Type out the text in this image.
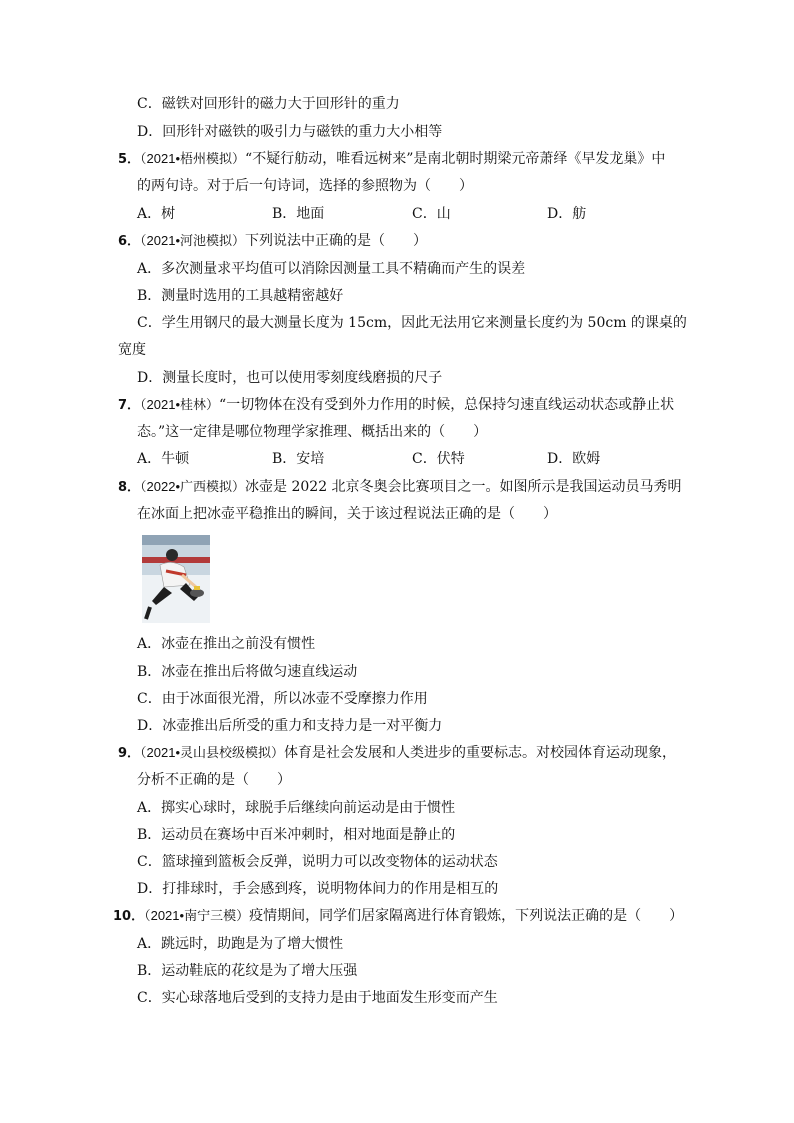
C．磁铁对回形针的磁力大于回形针的重力
D．回形针对磁铁的吸引力与磁铁的重力大小相等
5．（2021•梧州模拟）“不疑行舫动，唯看远树来”是南北朝时期梁元帝萧绎《早发龙巢》中
的两句诗。对于后一句诗词，选择的参照物为（　　）
6．（2021•河池模拟）下列说法中正确的是（　　）
A．多次测量求平均值可以消除因测量工具不精确而产生的误差
B．测量时选用的工具越精密越好
C．学生用钢尺的最大测量长度为 15cm，因此无法用它来测量长度约为 50cm 的课桌的
宽度
D．测量长度时，也可以使用零刻度线磨损的尺子
7．（2021•桂林）“一切物体在没有受到外力作用的时候，总保持匀速直线运动状态或静止状
态。”这一定律是哪位物理学家推理、概括出来的（　　）
8．（2022•广西模拟）冰壶是 2022 北京冬奥会比赛项目之一。如图所示是我国运动员马秀明
在冰面上把冰壶平稳推出的瞬间，关于该过程说法正确的是（　　）
A．冰壶在推出之前没有惯性
B．冰壶在推出后将做匀速直线运动
C．由于冰面很光滑，所以冰壶不受摩擦力作用
D．冰壶推出后所受的重力和支持力是一对平衡力
9．（2021•灵山县校级模拟）体育是社会发展和人类进步的重要标志。对校园体育运动现象，
分析不正确的是（　　）
A．掷实心球时，球脱手后继续向前运动是由于惯性
B．运动员在赛场中百米冲刺时，相对地面是静止的
C．篮球撞到篮板会反弹，说明力可以改变物体的运动状态
D．打排球时，手会感到疼，说明物体间力的作用是相互的
10．（2021•南宁三模）疫情期间，同学们居家隔离进行体育锻炼，下列说法正确的是（　　）
A．跳远时，助跑是为了增大惯性
B．运动鞋底的花纹是为了增大压强
C．实心球落地后受到的支持力是由于地面发生形变而产生
A．树	B．地面	C．山	D．舫
A．牛顿	B．安培	C．伏特	D．欧姆
